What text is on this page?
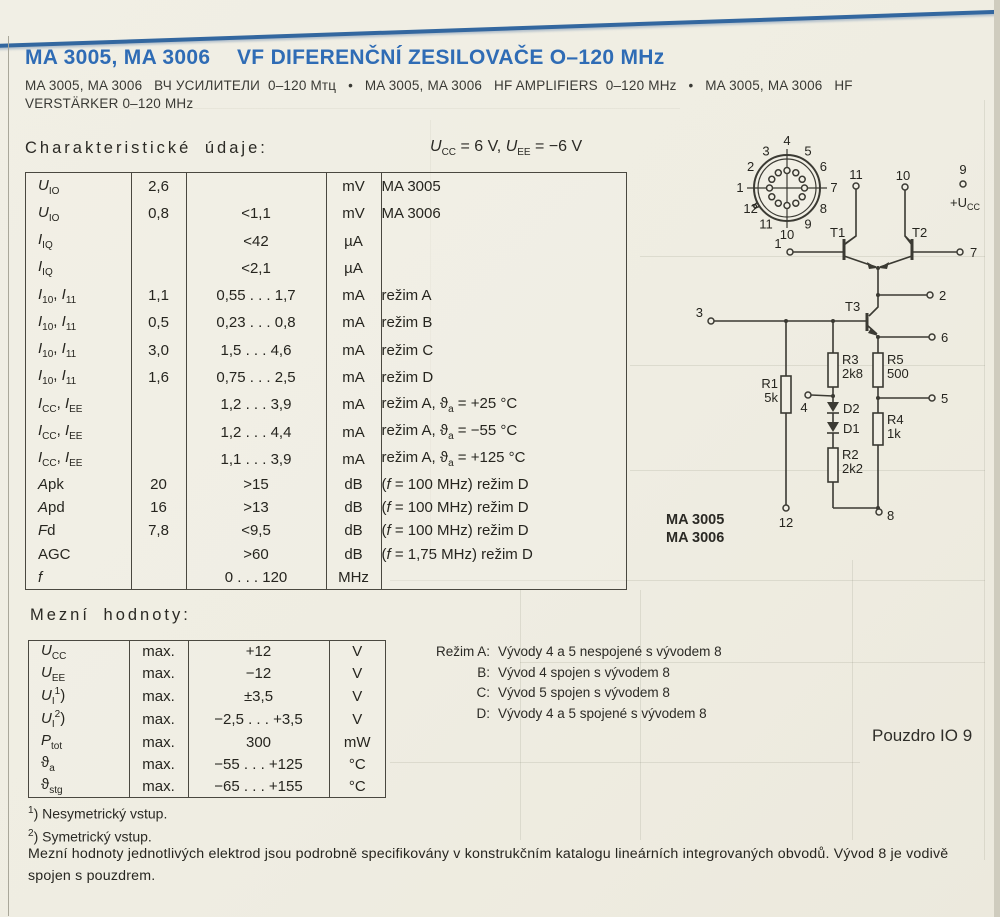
MA 3005, MA 3006 VF DIFERENČNÍ ZESILOVAČE O–120 MHz
MA 3005, MA 3006   ВЧ УСИЛИТЕЛИ  0–120 Мтц   •   MA 3005, MA 3006   HF AMPLIFIERS  0–120 MHz   •   MA 3005, MA 3006   HF
VERSTÄRKER 0–120 MHz
Charakteristické údaje:	$U_{CC} = 6$ V, $U_{EE} = -6$ V
$U_{IO}$	2,6		mV	MA 3005
$U_{IO}$	0,8	<1,1	mV	MA 3006
$I_{IQ}$		<42	µA	
$I_{IQ}$		<2,1	µA	
$I_{10}$, $I_{11}$	1,1	0,55 . . . 1,7	mA	režim A
$I_{10}$, $I_{11}$	0,5	0,23 . . . 0,8	mA	režim B
$I_{10}$, $I_{11}$	3,0	1,5 . . . 4,6	mA	režim C
$I_{10}$, $I_{11}$	1,6	0,75 . . . 2,5	mA	režim D
$I_{CC}$, $I_{EE}$		1,2 . . . 3,9	mA	režim A, $ϑ_a = +25$ °C
$I_{CC}$, $I_{EE}$		1,2 . . . 4,4	mA	režim A, $ϑ_a = -55$ °C
$I_{CC}$, $I_{EE}$		1,1 . . . 3,9	mA	režim A, $ϑ_a = +125$ °C
Apk	20	>15	dB	(f = 100 MHz) režim D
Apd	16	>13	dB	(f = 100 MHz) režim D
Fd	7,8	<9,5	dB	(f = 100 MHz) režim D
AGC		>60	dB	(f = 1,75 MHz) režim D
f		0 . . . 120	MHz	
4
5
6
7
8
9
10
11
12
1
2
3
11	10	9
$+U_{CC}$
T1
1
T2
7
2
T3
3
R1
5k
12
R3
2k8
4	D2
D1
R2
2k2
6
R5
500
5
R4
1k
8
MA 3005
MA 3006
Mezní hodnoty:
$U_{CC}$	max.	+12	V
$U_{EE}$	max.	−12	V
$U_I^1$)	max.	±3,5	V
$U_I^2$)	max.	−2,5 . . . +3,5	V
$P_{tot}$	max.	300	mW
$ϑ_a$	max.	−55 . . . +125	°C
$ϑ_{stg}$	max.	−65 . . . +155	°C
Režim A: Vývody 4 a 5 nespojené s vývodem 8
B: Vývod 4 spojen s vývodem 8
C: Vývod 5 spojen s vývodem 8
D: Vývody 4 a 5 spojené s vývodem 8
Pouzdro IO 9
$^1$) Nesymetrický vstup.
$^2$) Symetrický vstup.
Mezní hodnoty jednotlivých elektrod jsou podrobně specifikovány v konstrukčním katalogu lineárních integrovaných obvodů. Vývod 8 je vodivě
spojen s pouzdrem.
